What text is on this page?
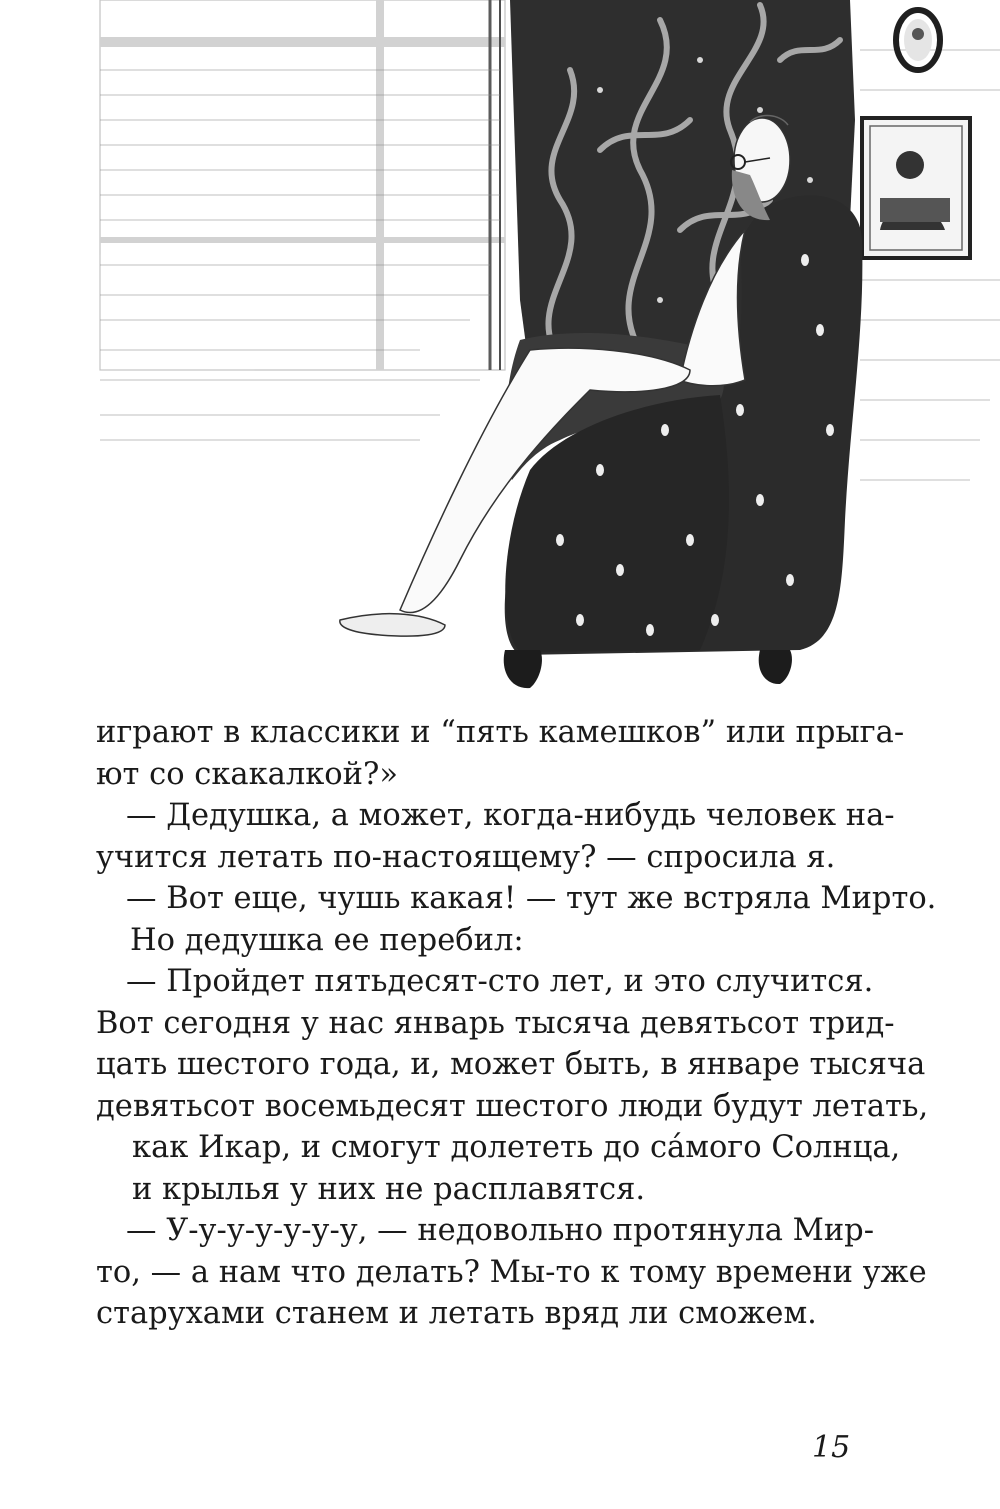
играют в классики и “пять камешков” или прыга-
ют со скакалкой?»
— Дедушка, а может, когда-нибудь человек на-
учится летать по-настоящему? — спросила я.
— Вот еще, чушь какая! — тут же встряла Мирто.
Но дедушка ее перебил:
— Пройдет пятьдесят-сто лет, и это случится.
Вот сегодня у нас январь тысяча девятьсот трид-
цать шестого года, и, может быть, в январе тысяча
девятьсот восемьдесят шестого люди будут летать,
как Икар, и смогут долететь до са́мого Солнца,
и крылья у них не расплавятся.
— У-у-у-у-у-у-у, — недовольно протянула Мир-
то, — а нам что делать? Мы-то к тому времени уже
старухами станем и летать вряд ли сможем.
15
